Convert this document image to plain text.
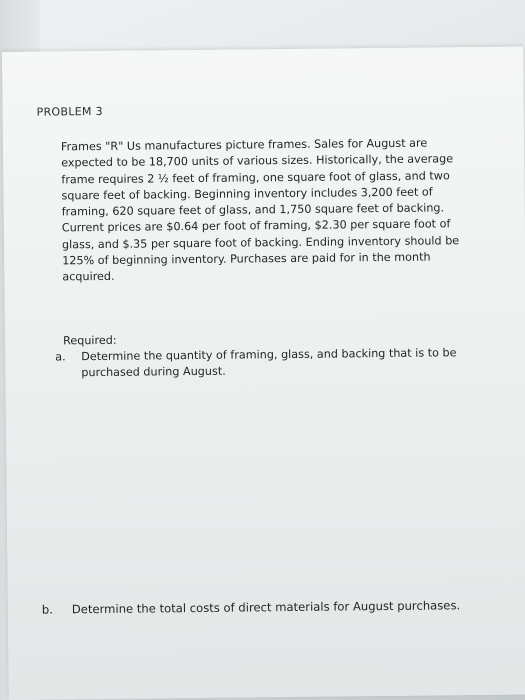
PROBLEM 3

Frames "R" Us manufactures picture frames. Sales for August are expected to be 18,700 units of various sizes. Historically, the average frame requires 2 ½ feet of framing, one square foot of glass, and two square feet of backing. Beginning inventory includes 3,200 feet of framing, 620 square feet of glass, and 1,750 square feet of backing. Current prices are $0.64 per foot of framing, $2.30 per square foot of glass, and $.35 per square foot of backing. Ending inventory should be 125% of beginning inventory. Purchases are paid for in the month acquired.

Required:

a. Determine the quantity of framing, glass, and backing that is to be purchased during August.
​
b. Determine the total costs of direct materials for August purchases.
